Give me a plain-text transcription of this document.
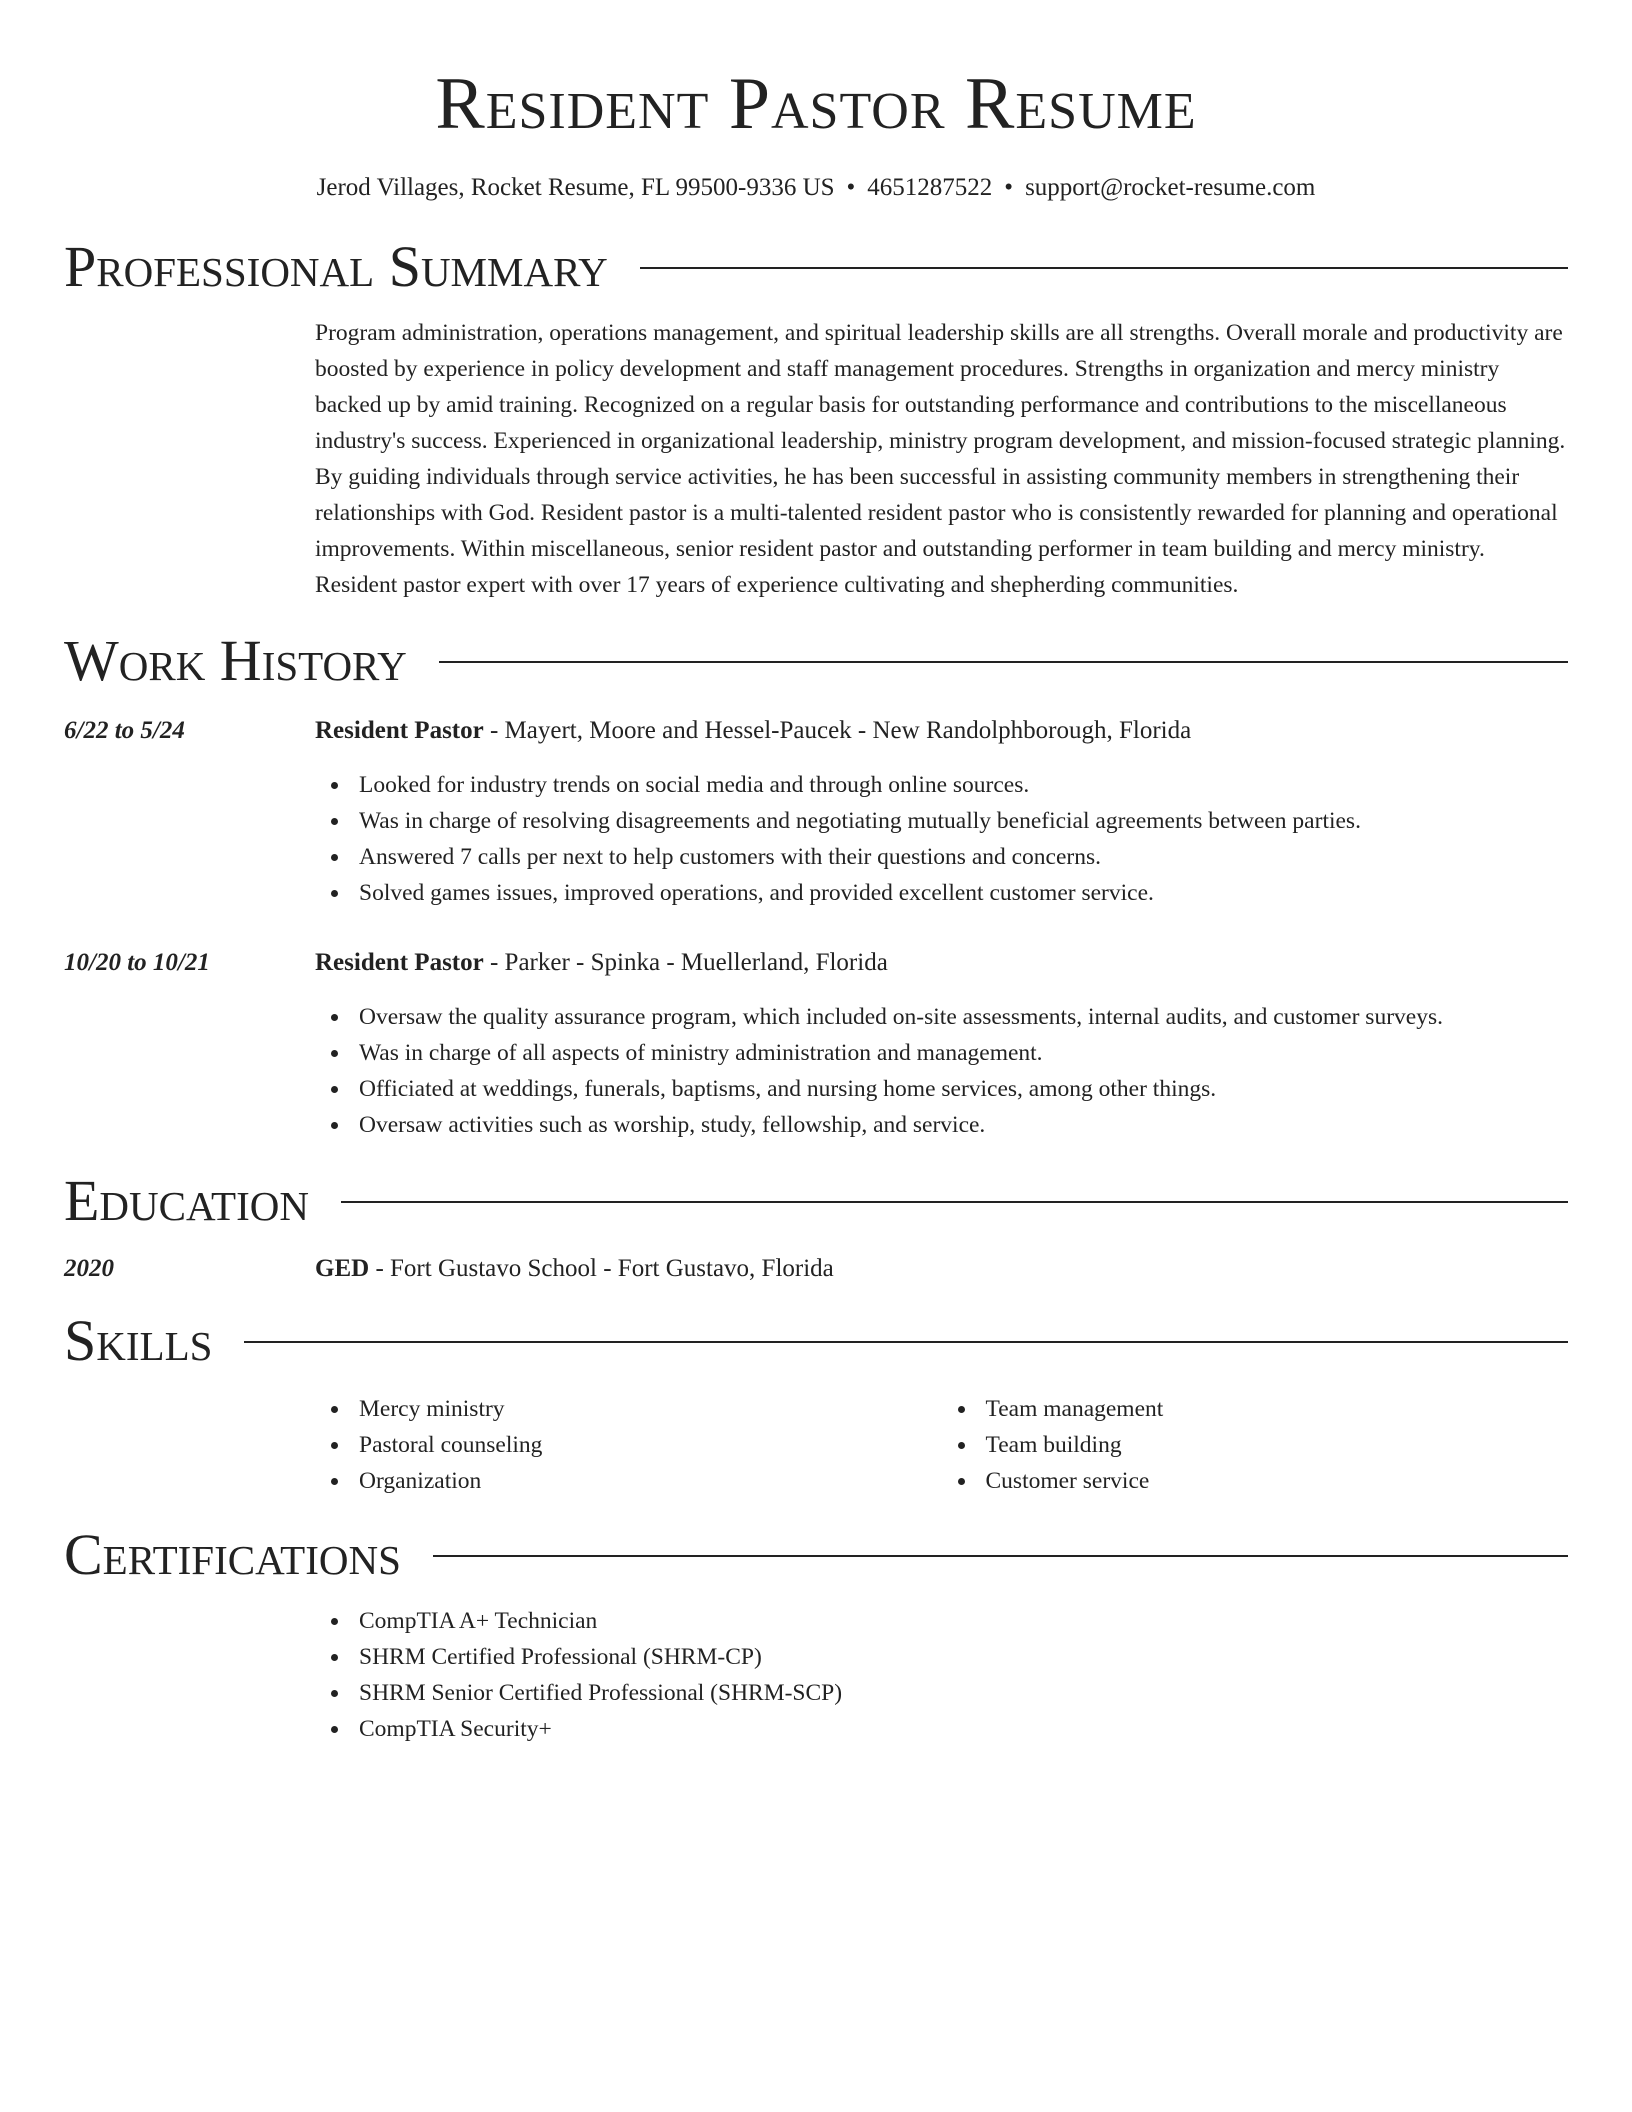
Resident Pastor Resume
Jerod Villages, Rocket Resume, FL 99500-9336 US • 4651287522 • support@rocket-resume.com
Professional Summary

Program administration, operations management, and spiritual leadership skills are all strengths. Overall morale and productivity are boosted by experience in policy development and staff management procedures. Strengths in organization and mercy ministry backed up by amid training. Recognized on a regular basis for outstanding performance and contributions to the miscellaneous industry's success. Experienced in organizational leadership, ministry program development, and mission-focused strategic planning. By guiding individuals through service activities, he has been successful in assisting community members in strengthening their relationships with God. Resident pastor is a multi-talented resident pastor who is consistently rewarded for planning and operational improvements. Within miscellaneous, senior resident pastor and outstanding performer in team building and mercy ministry. Resident pastor expert with over 17 years of experience cultivating and shepherding communities.

Work History
6/22 to 5/24	Resident Pastor - Mayert, Moore and Hessel-Paucek - New Randolphborough, Florida
Looked for industry trends on social media and through online sources.
Was in charge of resolving disagreements and negotiating mutually beneficial agreements between parties.
Answered 7 calls per next to help customers with their questions and concerns.
Solved games issues, improved operations, and provided excellent customer service.
10/20 to 10/21	Resident Pastor - Parker - Spinka - Muellerland, Florida
Oversaw the quality assurance program, which included on-site assessments, internal audits, and customer surveys.
Was in charge of all aspects of ministry administration and management.
Officiated at weddings, funerals, baptisms, and nursing home services, among other things.
Oversaw activities such as worship, study, fellowship, and service.
Education
2020	GED - Fort Gustavo School - Fort Gustavo, Florida
Skills
Mercy ministry
Pastoral counseling
Organization
Team management
Team building
Customer service
Certifications
CompTIA A+ Technician
SHRM Certified Professional (SHRM-CP)
SHRM Senior Certified Professional (SHRM-SCP)
CompTIA Security+
